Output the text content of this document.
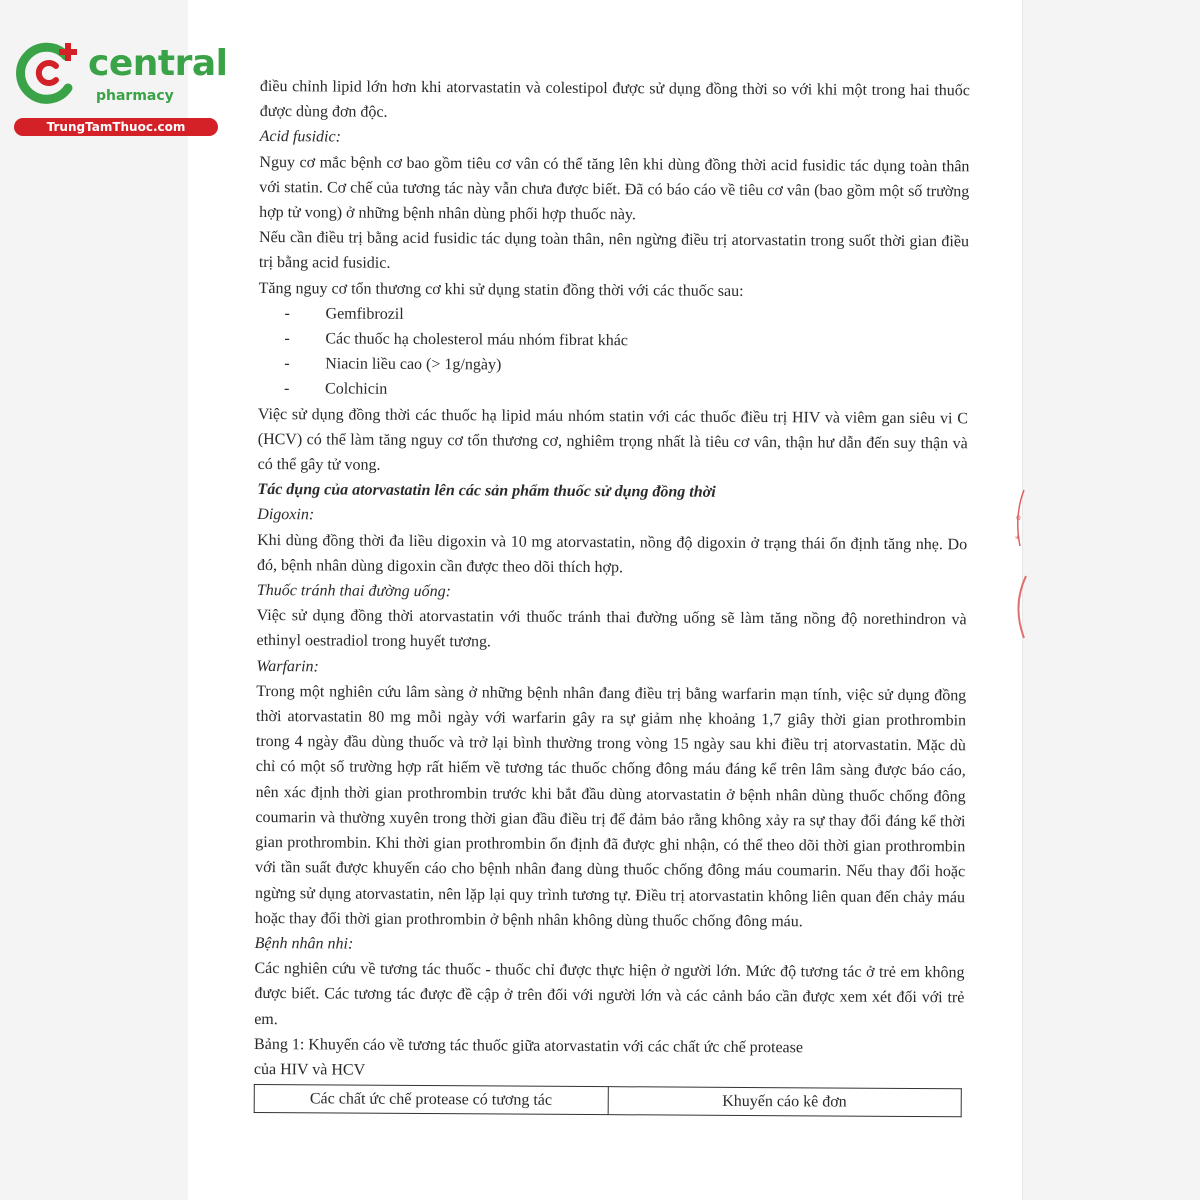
central
pharmacy
TrungTamThuoc.com

điều chỉnh lipid lớn hơn khi atorvastatin và colestipol được sử dụng đồng thời so với khi một trong hai thuốc được dùng đơn độc.

Acid fusidic:

Nguy cơ mắc bệnh cơ bao gồm tiêu cơ vân có thể tăng lên khi dùng đồng thời acid fusidic tác dụng toàn thân với statin. Cơ chế của tương tác này vẫn chưa được biết. Đã có báo cáo về tiêu cơ vân (bao gồm một số trường hợp tử vong) ở những bệnh nhân dùng phối hợp thuốc này.

Nếu cần điều trị bằng acid fusidic tác dụng toàn thân, nên ngừng điều trị atorvastatin trong suốt thời gian điều trị bằng acid fusidic.

Tăng nguy cơ tổn thương cơ khi sử dụng statin đồng thời với các thuốc sau:

- Gemfibrozil
- Các thuốc hạ cholesterol máu nhóm fibrat khác
- Niacin liều cao (> 1g/ngày)
- Colchicin

Việc sử dụng đồng thời các thuốc hạ lipid máu nhóm statin với các thuốc điều trị HIV và viêm gan siêu vi C (HCV) có thể làm tăng nguy cơ tổn thương cơ, nghiêm trọng nhất là tiêu cơ vân, thận hư dẫn đến suy thận và có thể gây tử vong.

Tác dụng của atorvastatin lên các sản phẩm thuốc sử dụng đồng thời

Digoxin:

Khi dùng đồng thời đa liều digoxin và 10 mg atorvastatin, nồng độ digoxin ở trạng thái ổn định tăng nhẹ. Do đó, bệnh nhân dùng digoxin cần được theo dõi thích hợp.

Thuốc tránh thai đường uống:

Việc sử dụng đồng thời atorvastatin với thuốc tránh thai đường uống sẽ làm tăng nồng độ norethindron và ethinyl oestradiol trong huyết tương.

Warfarin:

Trong một nghiên cứu lâm sàng ở những bệnh nhân đang điều trị bằng warfarin mạn tính, việc sử dụng đồng thời atorvastatin 80 mg mỗi ngày với warfarin gây ra sự giảm nhẹ khoảng 1,7 giây thời gian prothrombin trong 4 ngày đầu dùng thuốc và trở lại bình thường trong vòng 15 ngày sau khi điều trị atorvastatin. Mặc dù chỉ có một số trường hợp rất hiếm về tương tác thuốc chống đông máu đáng kể trên lâm sàng được báo cáo, nên xác định thời gian prothrombin trước khi bắt đầu dùng atorvastatin ở bệnh nhân dùng thuốc chống đông coumarin và thường xuyên trong thời gian đầu điều trị để đảm bảo rằng không xảy ra sự thay đổi đáng kể thời gian prothrombin. Khi thời gian prothrombin ổn định đã được ghi nhận, có thể theo dõi thời gian prothrombin với tần suất được khuyến cáo cho bệnh nhân đang dùng thuốc chống đông máu coumarin. Nếu thay đổi hoặc ngừng sử dụng atorvastatin, nên lặp lại quy trình tương tự. Điều trị atorvastatin không liên quan đến chảy máu hoặc thay đổi thời gian prothrombin ở bệnh nhân không dùng thuốc chống đông máu.

Bệnh nhân nhi:

Các nghiên cứu về tương tác thuốc - thuốc chỉ được thực hiện ở người lớn. Mức độ tương tác ở trẻ em không được biết. Các tương tác được đề cập ở trên đối với người lớn và các cảnh báo cần được xem xét đối với trẻ em.

Bảng 1: Khuyến cáo về tương tác thuốc giữa atorvastatin với các chất ức chế protease

của HIV và HCV

Các chất ức chế protease có tương tác	Khuyến cáo kê đơn
o
*
